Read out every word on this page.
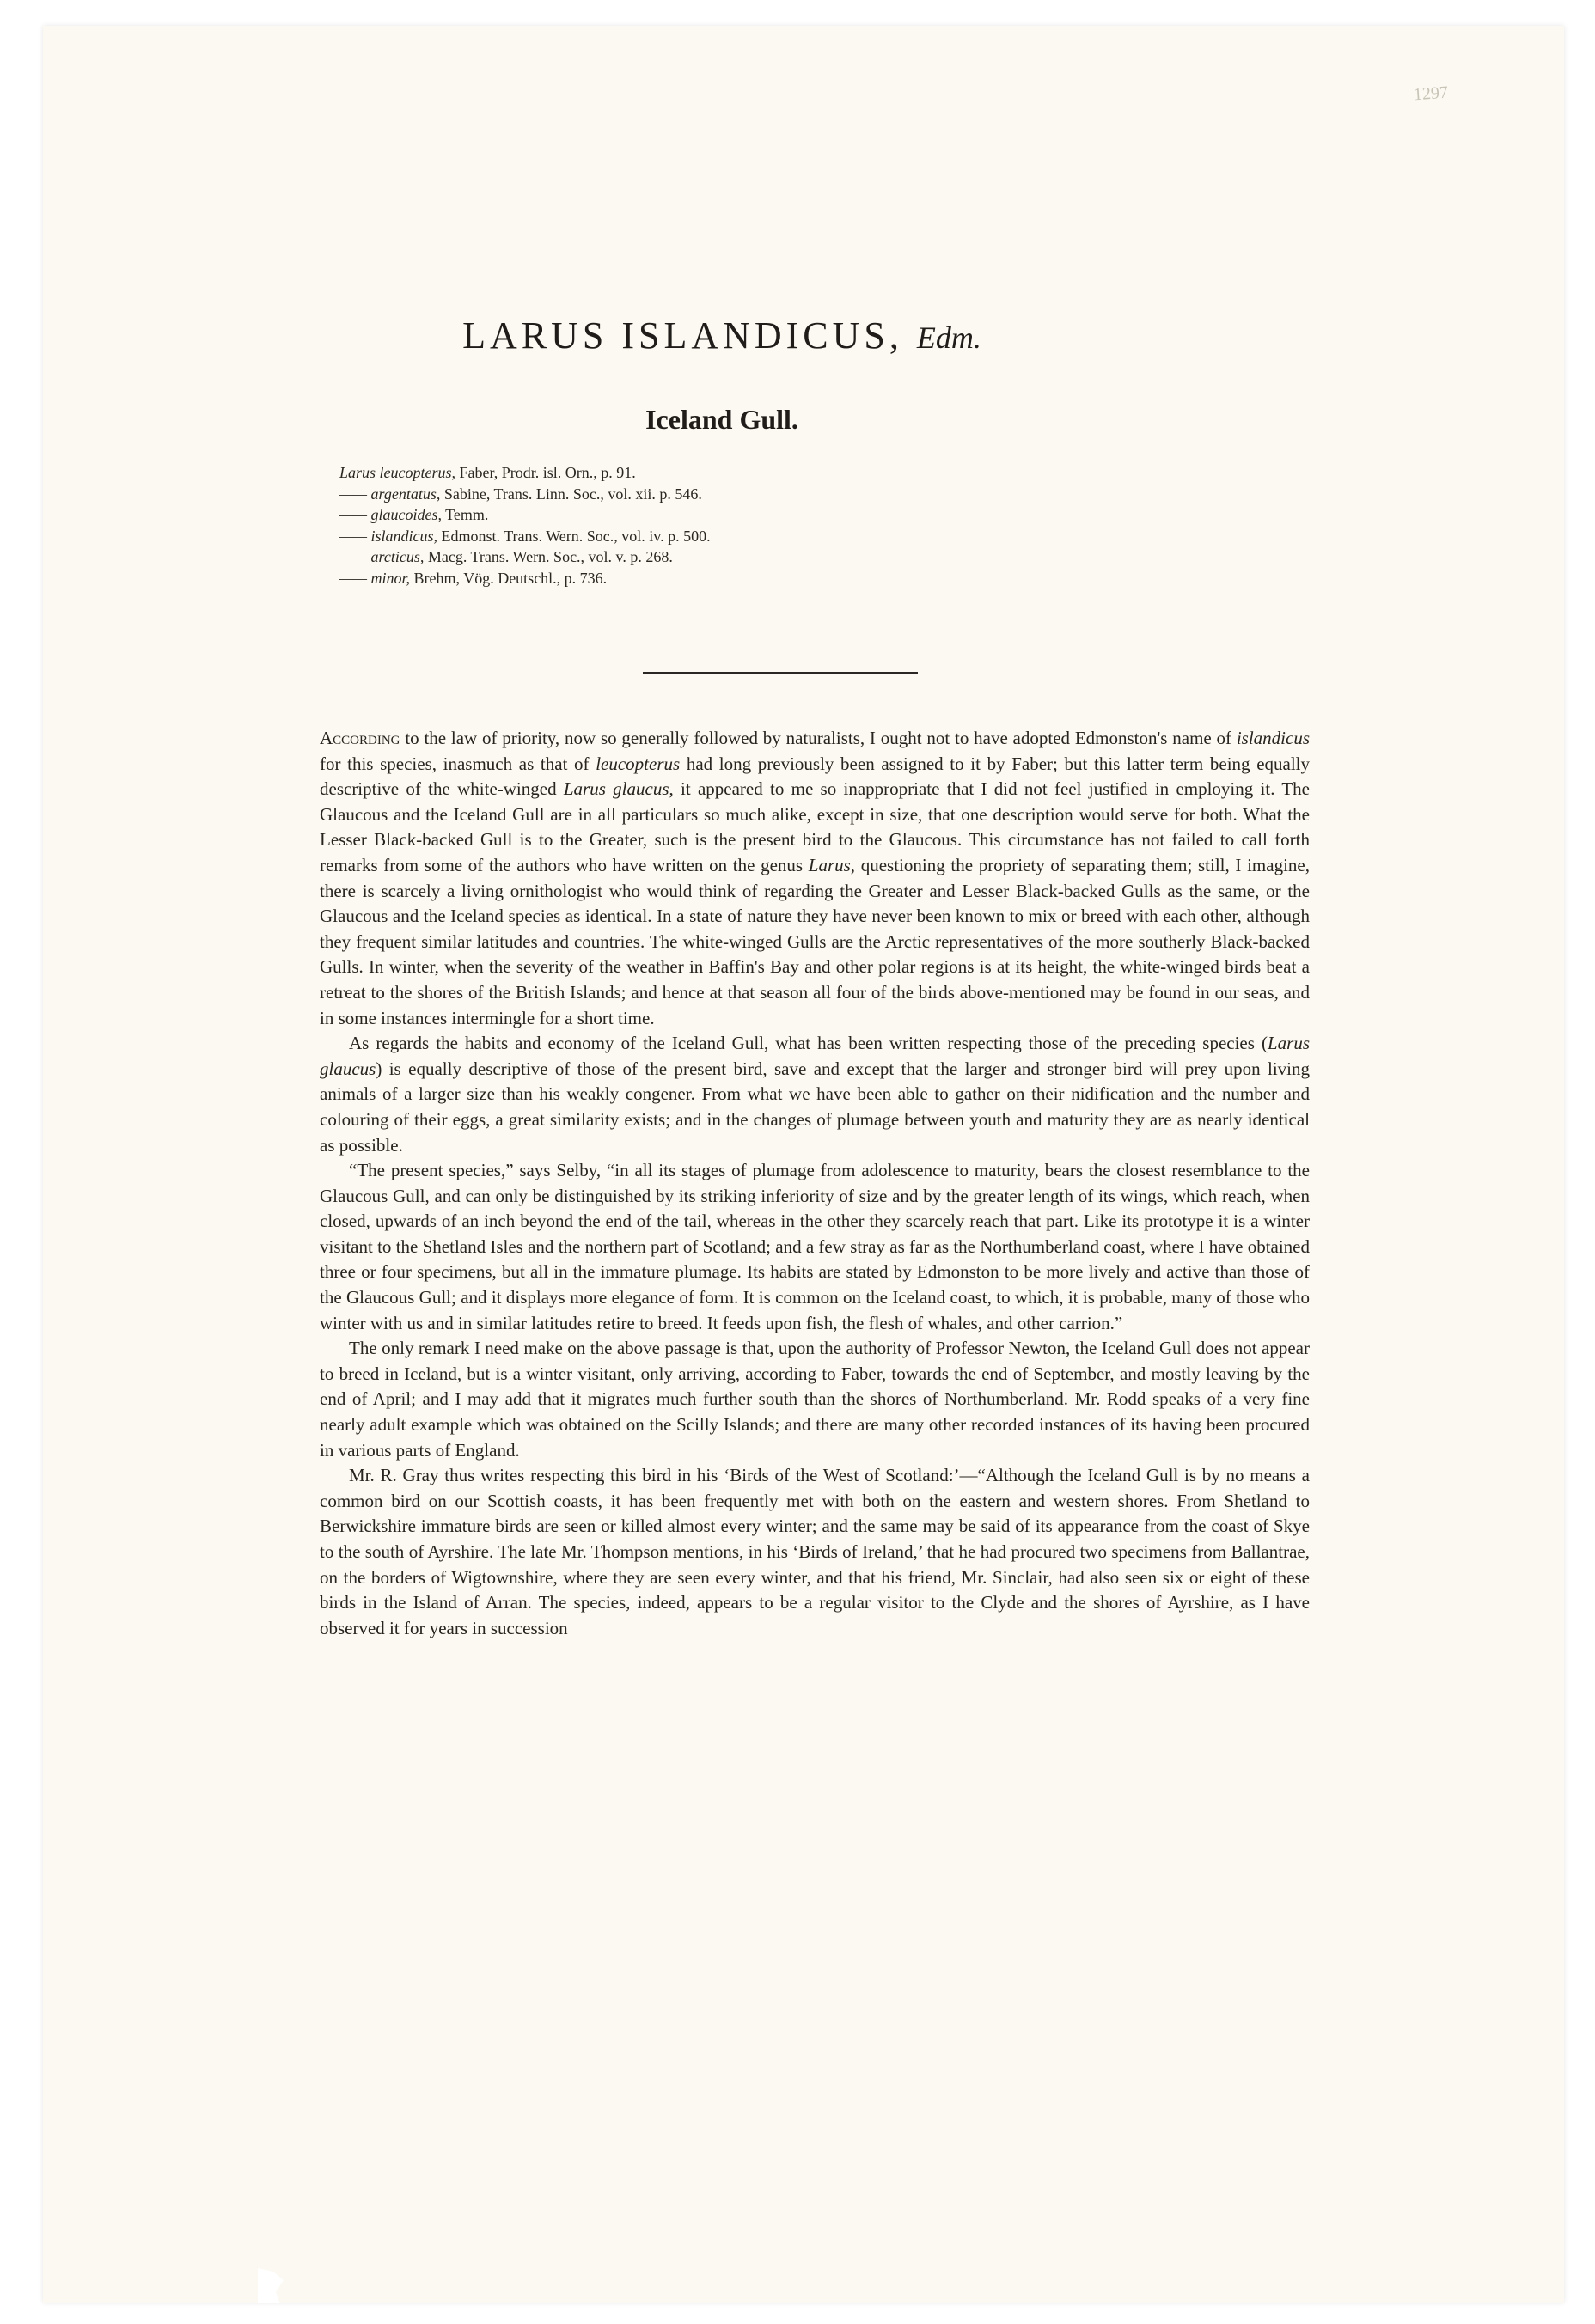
1297
LARUS ISLANDICUS, Edm.
Iceland Gull.
Larus leucopterus, Faber, Prodr. isl. Orn., p. 91.
—— argentatus, Sabine, Trans. Linn. Soc., vol. xii. p. 546.
—— glaucoides, Temm.
—— islandicus, Edmonst. Trans. Wern. Soc., vol. iv. p. 500.
—— arcticus, Macg. Trans. Wern. Soc., vol. v. p. 268.
—— minor, Brehm, Vög. Deutschl., p. 736.

According to the law of priority, now so generally followed by naturalists, I ought not to have adopted Edmonston's name of islandicus for this species, inasmuch as that of leucopterus had long previously been assigned to it by Faber; but this latter term being equally descriptive of the white-winged Larus glaucus, it appeared to me so inappropriate that I did not feel justified in employing it. The Glaucous and the Iceland Gull are in all particulars so much alike, except in size, that one description would serve for both. What the Lesser Black-backed Gull is to the Greater, such is the present bird to the Glaucous. This circumstance has not failed to call forth remarks from some of the authors who have written on the genus Larus, questioning the propriety of separating them; still, I imagine, there is scarcely a living ornithologist who would think of regarding the Greater and Lesser Black-backed Gulls as the same, or the Glaucous and the Iceland species as identical. In a state of nature they have never been known to mix or breed with each other, although they frequent similar latitudes and countries. The white-winged Gulls are the Arctic representatives of the more southerly Black-backed Gulls. In winter, when the severity of the weather in Baffin's Bay and other polar regions is at its height, the white-winged birds beat a retreat to the shores of the British Islands; and hence at that season all four of the birds above-mentioned may be found in our seas, and in some instances intermingle for a short time.

As regards the habits and economy of the Iceland Gull, what has been written respecting those of the preceding species (Larus glaucus) is equally descriptive of those of the present bird, save and except that the larger and stronger bird will prey upon living animals of a larger size than his weakly congener. From what we have been able to gather on their nidification and the number and colouring of their eggs, a great similarity exists; and in the changes of plumage between youth and maturity they are as nearly identical as possible.

“The present species,” says Selby, “in all its stages of plumage from adolescence to maturity, bears the closest resemblance to the Glaucous Gull, and can only be distinguished by its striking inferiority of size and by the greater length of its wings, which reach, when closed, upwards of an inch beyond the end of the tail, whereas in the other they scarcely reach that part. Like its prototype it is a winter visitant to the Shetland Isles and the northern part of Scotland; and a few stray as far as the Northumberland coast, where I have obtained three or four specimens, but all in the immature plumage. Its habits are stated by Edmonston to be more lively and active than those of the Glaucous Gull; and it displays more elegance of form. It is common on the Iceland coast, to which, it is probable, many of those who winter with us and in similar latitudes retire to breed. It feeds upon fish, the flesh of whales, and other carrion.”

The only remark I need make on the above passage is that, upon the authority of Professor Newton, the Iceland Gull does not appear to breed in Iceland, but is a winter visitant, only arriving, according to Faber, towards the end of September, and mostly leaving by the end of April; and I may add that it migrates much further south than the shores of Northumberland. Mr. Rodd speaks of a very fine nearly adult example which was obtained on the Scilly Islands; and there are many other recorded instances of its having been procured in various parts of England.

Mr. R. Gray thus writes respecting this bird in his ‘Birds of the West of Scotland:’—“Although the Iceland Gull is by no means a common bird on our Scottish coasts, it has been frequently met with both on the eastern and western shores. From Shetland to Berwickshire immature birds are seen or killed almost every winter; and the same may be said of its appearance from the coast of Skye to the south of Ayrshire. The late Mr. Thompson mentions, in his ‘Birds of Ireland,’ that he had procured two specimens from Ballantrae, on the borders of Wigtownshire, where they are seen every winter, and that his friend, Mr. Sinclair, had also seen six or eight of these birds in the Island of Arran. The species, indeed, appears to be a regular visitor to the Clyde and the shores of Ayrshire, as I have observed it for years in succession
